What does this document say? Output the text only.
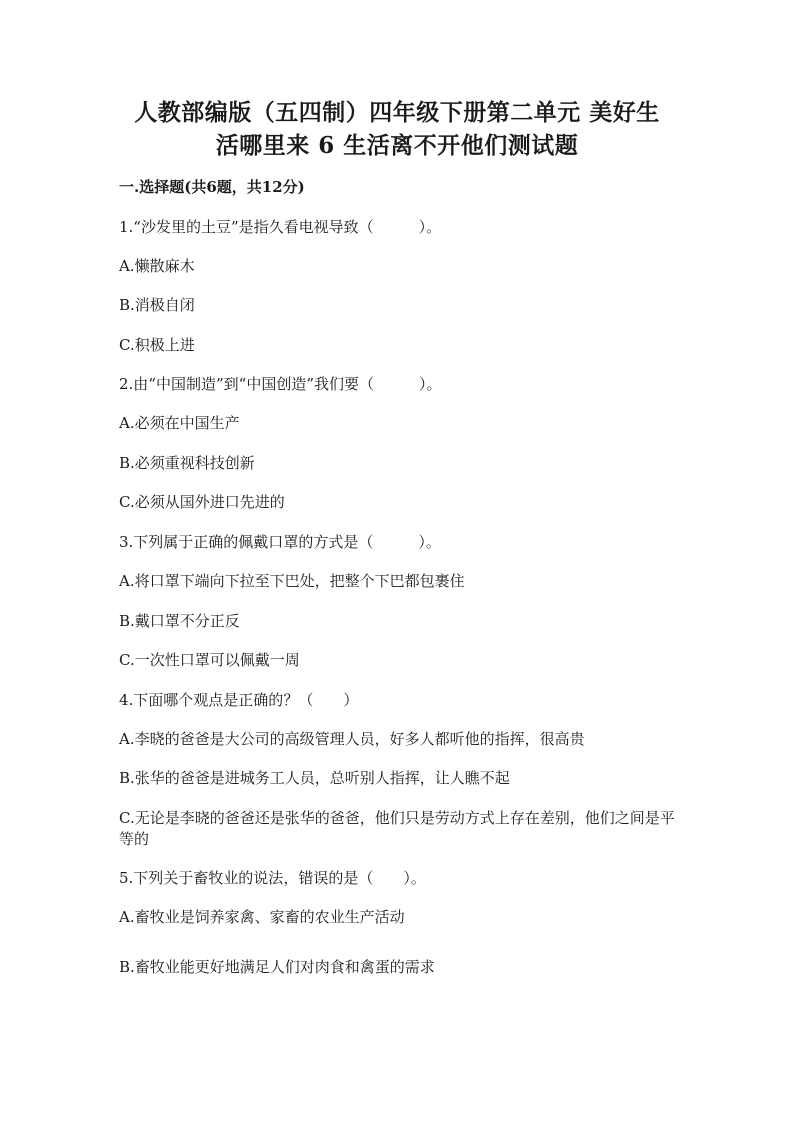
人教部编版（五四制）四年级下册第二单元 美好生
活哪里来 6 生活离不开他们测试题
一.选择题(共6题，共12分)
1.“沙发里的土豆”是指久看电视导致（　　　）。
A.懒散麻木
B.消极自闭
C.积极上进
2.由“中国制造”到“中国创造”我们要（　　　）。
A.必须在中国生产
B.必须重视科技创新
C.必须从国外进口先进的
3.下列属于正确的佩戴口罩的方式是（　　　）。
A.将口罩下端向下拉至下巴处，把整个下巴都包裹住
B.戴口罩不分正反
C.一次性口罩可以佩戴一周
4.下面哪个观点是正确的？（　　）
A.李晓的爸爸是大公司的高级管理人员，好多人都听他的指挥，很高贵
B.张华的爸爸是进城务工人员，总听别人指挥，让人瞧不起
C.无论是李晓的爸爸还是张华的爸爸，他们只是劳动方式上存在差别，他们之间是平等的
5.下列关于畜牧业的说法，错误的是（　　）。
A.畜牧业是饲养家禽、家畜的农业生产活动
B.畜牧业能更好地满足人们对肉食和禽蛋的需求
